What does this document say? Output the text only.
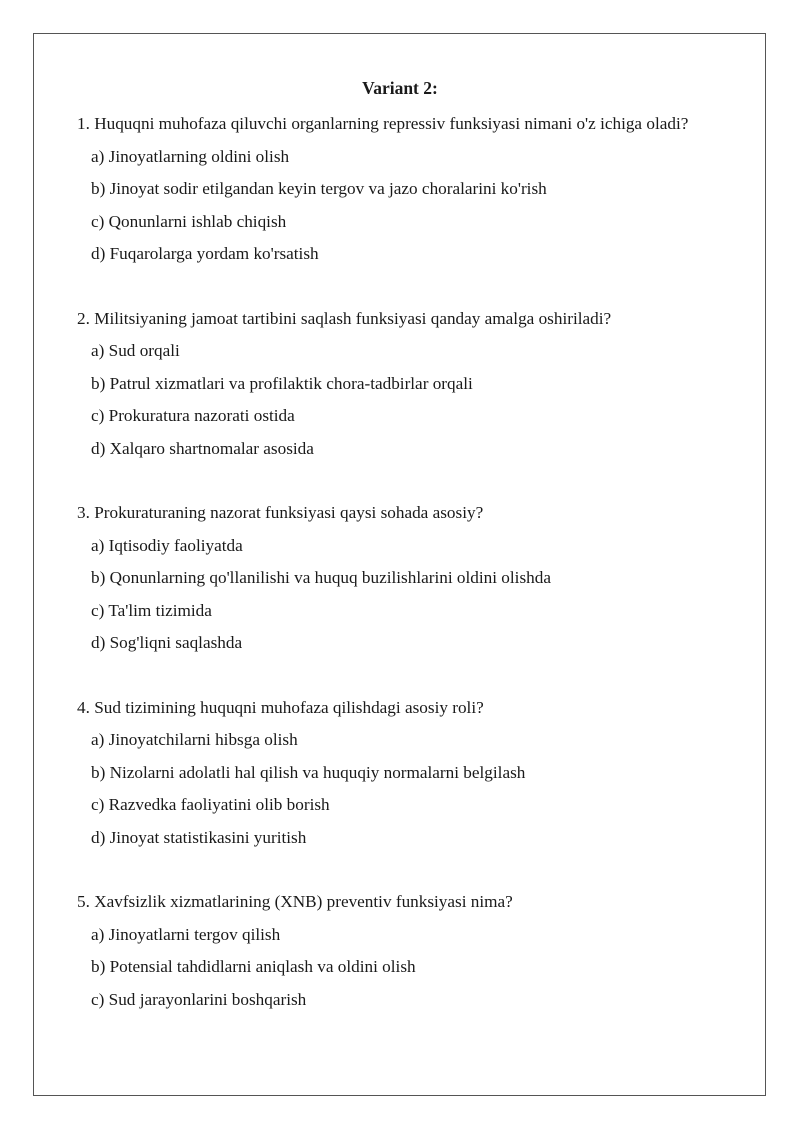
Variant 2:
1. Huquqni muhofaza qiluvchi organlarning repressiv funksiyasi nimani o'z ichiga oladi?
a) Jinoyatlarning oldini olish
b) Jinoyat sodir etilgandan keyin tergov va jazo choralarini ko'rish
c) Qonunlarni ishlab chiqish
d) Fuqarolarga yordam ko'rsatish
2. Militsiyaning jamoat tartibini saqlash funksiyasi qanday amalga oshiriladi?
a) Sud orqali
b) Patrul xizmatlari va profilaktik chora-tadbirlar orqali
c) Prokuratura nazorati ostida
d) Xalqaro shartnomalar asosida
3. Prokuraturaning nazorat funksiyasi qaysi sohada asosiy?
a) Iqtisodiy faoliyatda
b) Qonunlarning qo'llanilishi va huquq buzilishlarini oldini olishda
c) Ta'lim tizimida
d) Sog'liqni saqlashda
4. Sud tizimining huquqni muhofaza qilishdagi asosiy roli?
a) Jinoyatchilarni hibsga olish
b) Nizolarni adolatli hal qilish va huquqiy normalarni belgilash
c) Razvedka faoliyatini olib borish
d) Jinoyat statistikasini yuritish
5. Xavfsizlik xizmatlarining (XNB) preventiv funksiyasi nima?
a) Jinoyatlarni tergov qilish
b) Potensial tahdidlarni aniqlash va oldini olish
c) Sud jarayonlarini boshqarish
